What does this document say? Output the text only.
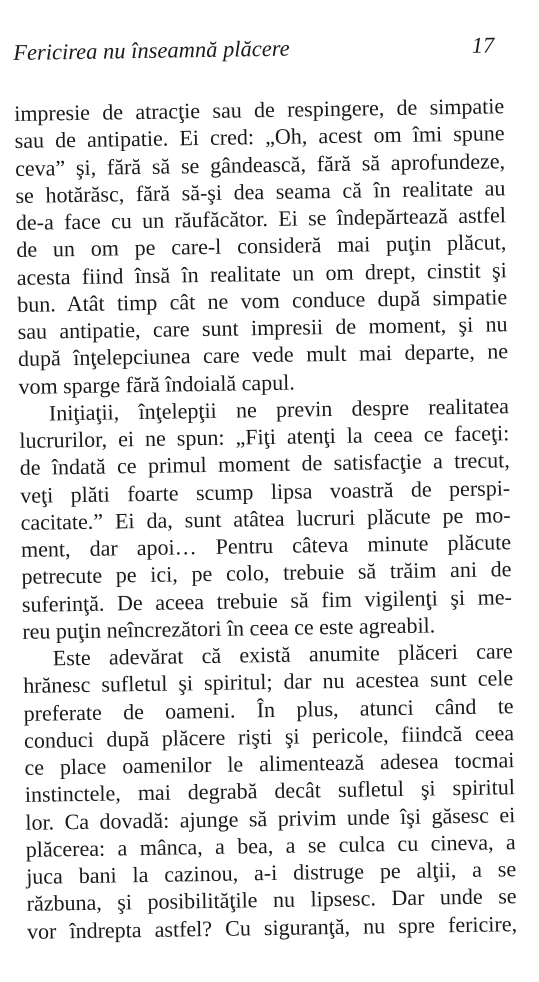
Fericirea nu înseamnă plăcere	17
impresie de atracţie sau de respingere, de simpatie
sau de antipatie. Ei cred: „Oh, acest om îmi spune
ceva” şi, fără să se gândească, fără să aprofundeze,
se hotărăsc, fără să-şi dea seama că în realitate au
de-a face cu un răufăcător. Ei se îndepărtează astfel
de un om pe care-l consideră mai puţin plăcut,
acesta fiind însă în realitate un om drept, cinstit şi
bun. Atât timp cât ne vom conduce după simpatie
sau antipatie, care sunt impresii de moment, şi nu
după înţelepciunea care vede mult mai departe, ne
vom sparge fără îndoială capul.
Iniţiaţii, înţelepţii ne previn despre realitatea
lucrurilor, ei ne spun: „Fiţi atenţi la ceea ce faceţi:
de îndată ce primul moment de satisfacţie a trecut,
veţi plăti foarte scump lipsa voastră de perspi-
cacitate.” Ei da, sunt atâtea lucruri plăcute pe mo-
ment, dar apoi… Pentru câteva minute plăcute
petrecute pe ici, pe colo, trebuie să trăim ani de
suferinţă. De aceea trebuie să fim vigilenţi şi me-
reu puţin neîncrezători în ceea ce este agreabil.
Este adevărat că există anumite plăceri care
hrănesc sufletul şi spiritul; dar nu acestea sunt cele
preferate de oameni. În plus, atunci când te
conduci după plăcere rişti şi pericole, fiindcă ceea
ce place oamenilor le alimentează adesea tocmai
instinctele, mai degrabă decât sufletul şi spiritul
lor. Ca dovadă: ajunge să privim unde îşi găsesc ei
plăcerea: a mânca, a bea, a se culca cu cineva, a
juca bani la cazinou, a-i distruge pe alţii, a se
răzbuna, şi posibilităţile nu lipsesc. Dar unde se
vor îndrepta astfel? Cu siguranţă, nu spre fericire,
